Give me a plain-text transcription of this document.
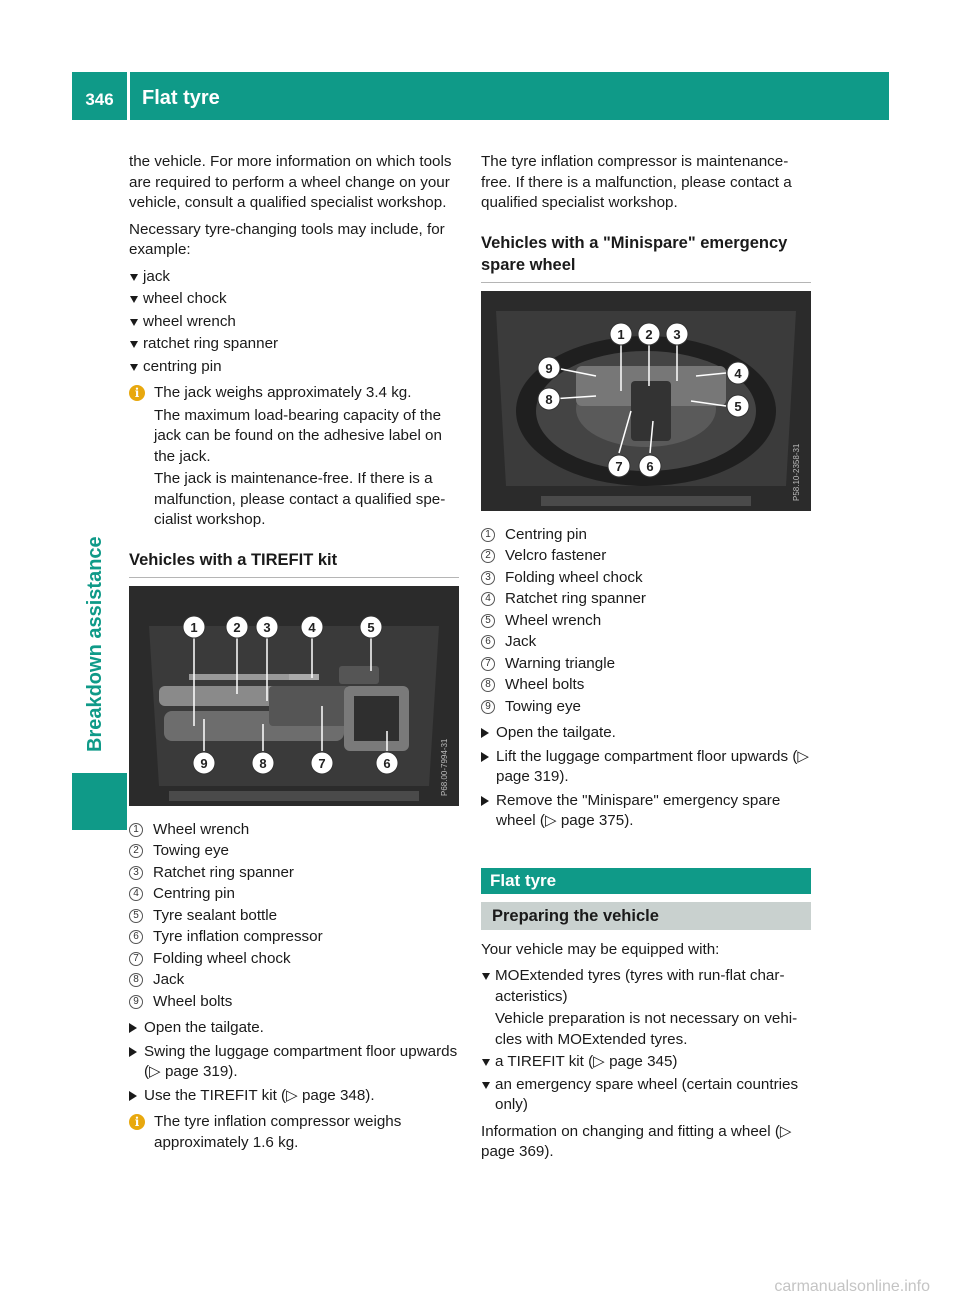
346	Flat tyre
Breakdown assistance

the vehicle. For more information on which tools are required to perform a wheel change on your vehicle, consult a qualified specialist workshop.

Necessary tyre-changing tools may include, for example:

jack
wheel chock
wheel wrench
ratchet ring spanner
centring pin
i The jack weighs approximately 3.4 kg.
The maximum load-bearing capacity of the jack can be found on the adhesive label on the jack.
The jack is maintenance-free. If there is a malfunction, please contact a qualified spe-cialist workshop.
Vehicles with a TIREFIT kit
P68.00-7994-31
1	2 3	4	5
6
7
8
9
1 Wheel wrench
2 Towing eye
3 Ratchet ring spanner
4 Centring pin
5 Tyre sealant bottle
6 Tyre inflation compressor
7 Folding wheel chock
8 Jack
9 Wheel bolts
Open the tailgate.
Swing the luggage compartment floor upwards (▷ page 319).
Use the TIREFIT kit (▷ page 348).
i The tyre inflation compressor weighs approximately 1.6 kg.

The tyre inflation compressor is maintenance-free. If there is a malfunction, please contact a qualified specialist workshop.

Vehicles with a "Minispare" emergency spare wheel
P58.10-2358-31
1 2 3
4
5
6
7
8
9
1 Centring pin
2 Velcro fastener
3 Folding wheel chock
4 Ratchet ring spanner
5 Wheel wrench
6 Jack
7 Warning triangle
8 Wheel bolts
9 Towing eye
Open the tailgate.
Lift the luggage compartment floor upwards (▷ page 319).
Remove the "Minispare" emergency spare wheel (▷ page 375).
Flat tyre
Preparing the vehicle

Your vehicle may be equipped with:

MOExtended tyres (tyres with run-flat char-acteristics)
Vehicle preparation is not necessary on vehi-cles with MOExtended tyres.
a TIREFIT kit (▷ page 345)
an emergency spare wheel (certain countries only)

Information on changing and fitting a wheel (▷ page 369).

carmanualsonline.info
